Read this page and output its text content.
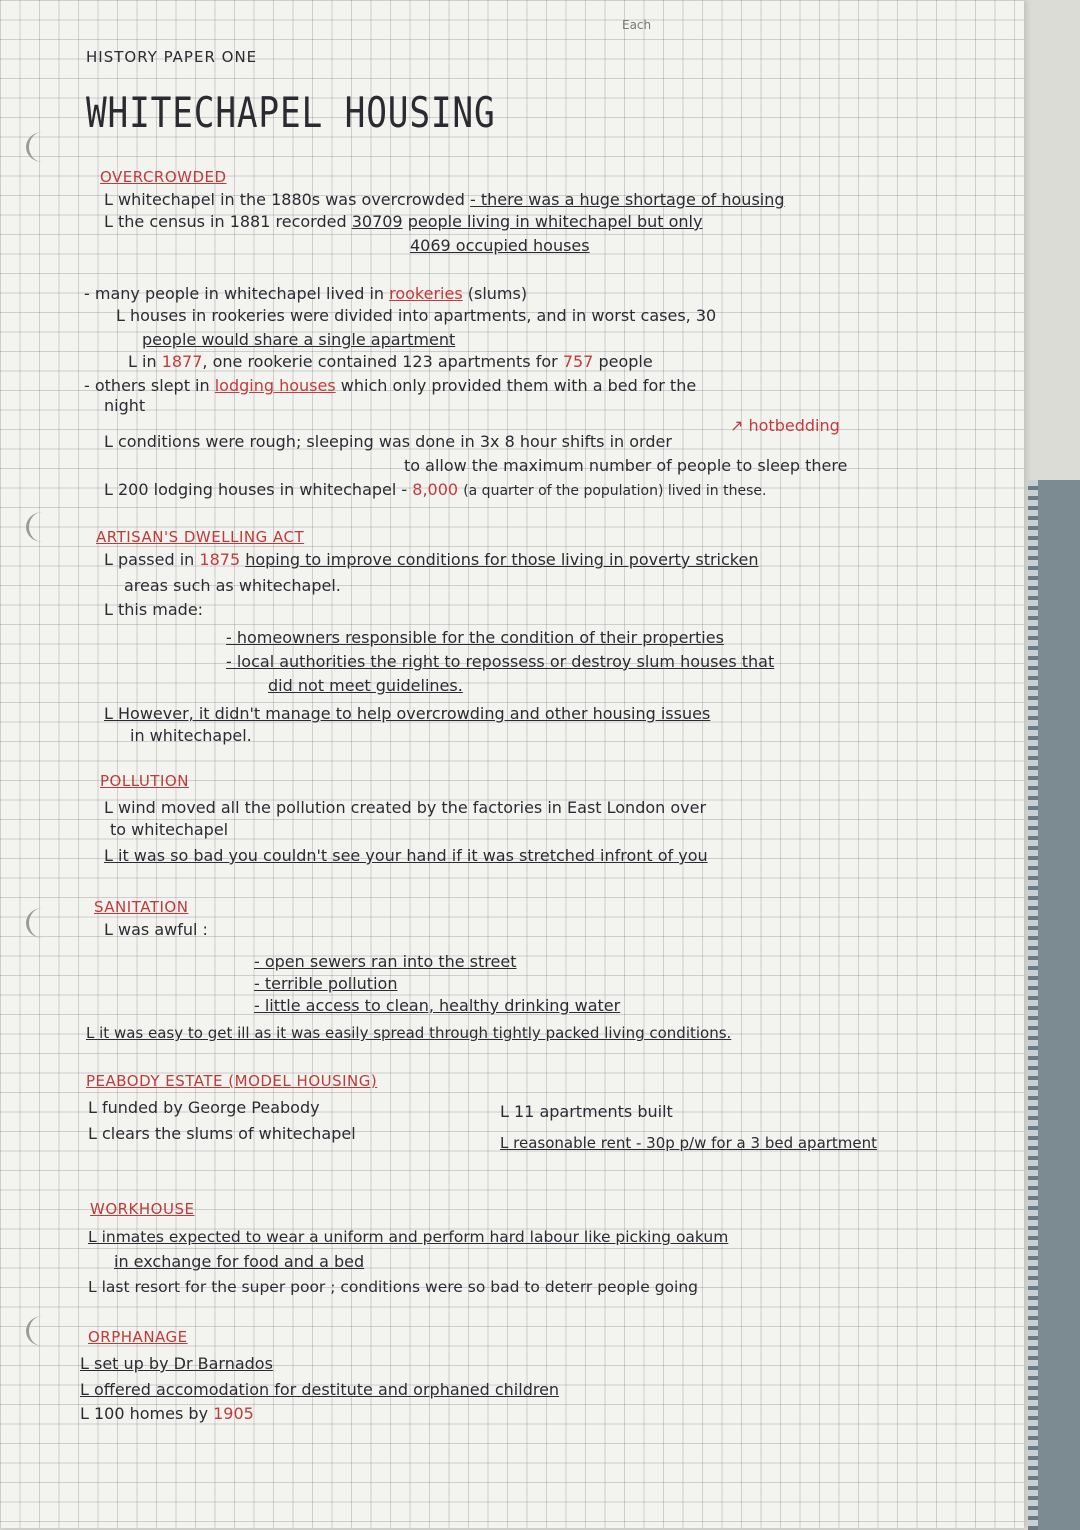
Each
HISTORY PAPER ONE
WHITECHAPEL HOUSING
OVERCROWDED
L whitechapel in the 1880s was overcrowded - there was a huge shortage of housing
L the census in 1881 recorded 30709 people living in whitechapel but only
4069 occupied houses
- many people in whitechapel lived in rookeries (slums)
L houses in rookeries were divided into apartments, and in worst cases, 30
people would share a single apartment
L in 1877, one rookerie contained 123 apartments for 757 people
- others slept in lodging houses which only provided them with a bed for the
night
↗ hotbedding
L conditions were rough; sleeping was done in 3x 8 hour shifts in order
to allow the maximum number of people to sleep there
L 200 lodging houses in whitechapel - 8,000 (a quarter of the population) lived in these.
ARTISAN'S DWELLING ACT
L passed in 1875 hoping to improve conditions for those living in poverty stricken
areas such as whitechapel.
L this made:
- homeowners responsible for the condition of their properties
- local authorities the right to repossess or destroy slum houses that
did not meet guidelines.
L However, it didn't manage to help overcrowding and other housing issues
in whitechapel.
POLLUTION
L wind moved all the pollution created by the factories in East London over
to whitechapel
L it was so bad you couldn't see your hand if it was stretched infront of you
SANITATION
L was awful :
- open sewers ran into the street
- terrible pollution
- little access to clean, healthy drinking water
L it was easy to get ill as it was easily spread through tightly packed living conditions.
PEABODY ESTATE (MODEL HOUSING)
L funded by George Peabody
L clears the slums of whitechapel
L 11 apartments built
L reasonable rent - 30p p/w for a 3 bed apartment
WORKHOUSE
L inmates expected to wear a uniform and perform hard labour like picking oakum
in exchange for food and a bed
L last resort for the super poor ; conditions were so bad to deterr people going
ORPHANAGE
L set up by Dr Barnados
L offered accomodation for destitute and orphaned children
L 100 homes by 1905
